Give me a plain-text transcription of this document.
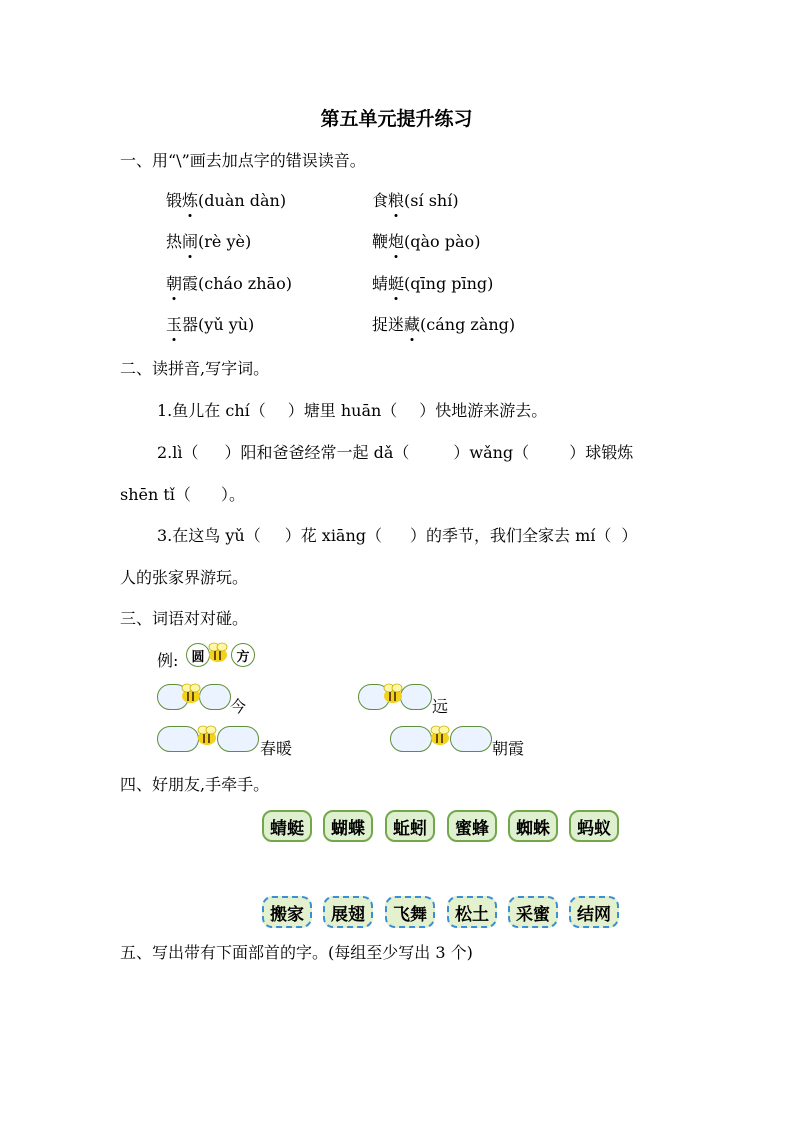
第五单元提升练习
一、用“\”画去加点字的错误读音。
锻炼(duàn dàn)	食粮(sí shí)
热闹(rè yè)	鞭炮(qào pào)
朝霞(cháo zhāo)	蜻蜓(qīng pīng)
玉器(yǔ yù)	捉迷藏(cáng zàng)
二、读拼音,写字词。
1.鱼儿在 chí（ ）塘里 huān（ ）快地游来游去。
2.lì（ ）阳和爸爸经常一起 dǎ（	）wǎng（	）球锻炼
shēn tǐ（ ）。
3.在这鸟 yǔ（ ）花 xiāng（ ）的季节，我们全家去 mí（ ）
人的张家界游玩。
三、词语对对碰。
例: 圆 方
今	远
春暖	朝霞
四、好朋友,手牵手。
蜻蜓	蝴蝶	蚯蚓	蜜蜂	蜘蛛	蚂蚁
搬家	展翅	飞舞	松土	采蜜	结网
五、写出带有下面部首的字。(每组至少写出 3 个)
